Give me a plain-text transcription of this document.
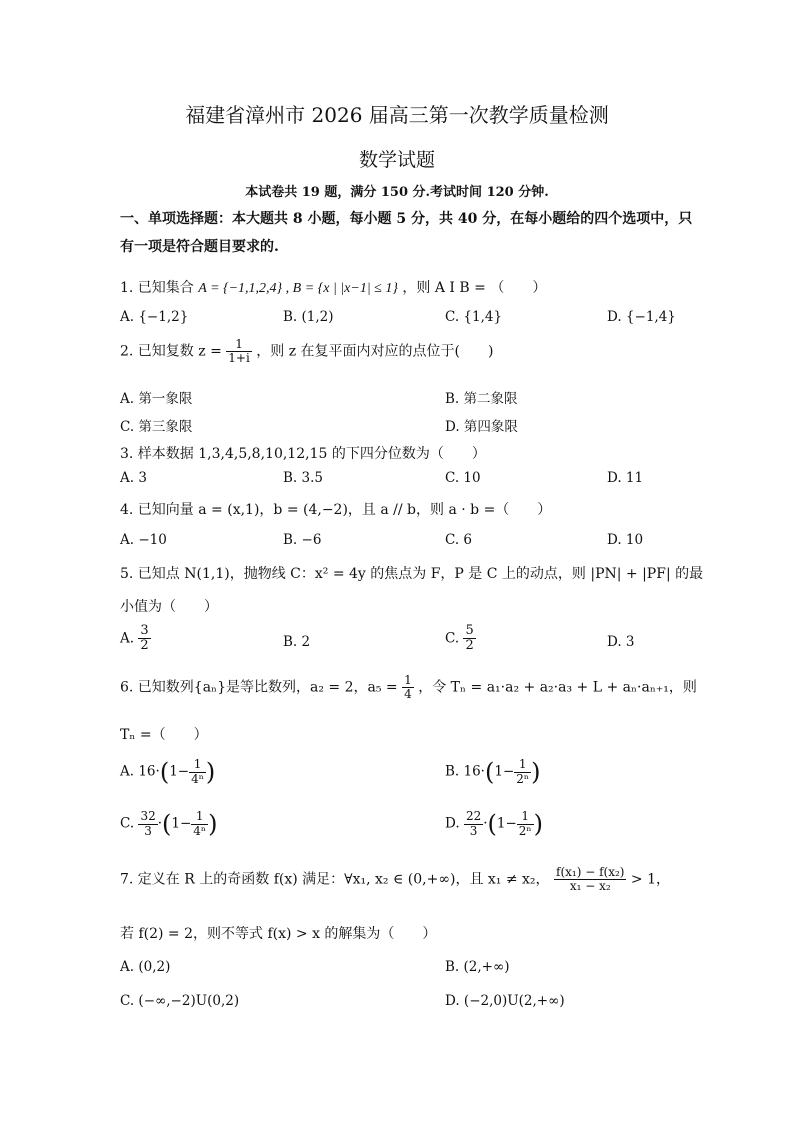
福建省漳州市 2026 届高三第一次教学质量检测
数学试题
本试卷共 19 题，满分 150 分.考试时间 120 分钟.
一、单项选择题：本大题共 8 小题，每小题 5 分，共 40 分，在每小题给的四个选项中，只
有一项是符合题目要求的.
1. 已知集合 A = {−1,1,2,4} , B = {x | |x−1| ≤ 1} ，则 A I B = （　　）
A. {−1,2}	B. (1,2)	C. {1,4}	D. {−1,4}
2. 已知复数 $z = \frac{1}{1+i}$ ，则 z 在复平面内对应的点位于(　　)
A. 第一象限	B. 第二象限
C. 第三象限	D. 第四象限
3. 样本数据 1,3,4,5,8,10,12,15 的下四分位数为（　　）
A. 3	B. 3.5	C. 10	D. 11
4. 已知向量 a = (x,1)，b = (4,−2)，且 a // b，则 a · b =（　　）
A. −10	B. −6	C. 6	D. 10
5. 已知点 N(1,1)，抛物线 C：x² = 4y 的焦点为 F，P 是 C 上的动点，则 |PN| + |PF| 的最
小值为（　　）
A. $\frac{3}{2}$	B. 2	C. $\frac{5}{2}$	D. 3
6. 已知数列{aₙ}是等比数列，a₂ = 2，$a_5 = \frac{1}{4}$ ，令 Tₙ = a₁·a₂ + a₂·a₃ + L + aₙ·aₙ₊₁，则
Tₙ =（　　）
A. $16\cdot(1- \frac{1}{\text{4ⁿ}}$ )	B. $16\cdot(1- \frac{1}{\text{2ⁿ}}$ )
C. $\frac{32}{3} \cdot(1- \frac{1}{\text{4ⁿ}}$ )	D. $\frac{22}{3} \cdot(1- \frac{1}{\text{2ⁿ}}$ )
7. 定义在 R 上的奇函数 f(x) 满足：∀x₁, x₂ ∈ (0,+∞)，且 x₁ ≠ x₂， $\frac{\text{f(x₁) − f(x₂)}}{\text{x₁ − x₂}} > 1$，
若 f(2) = 2，则不等式 f(x) > x 的解集为（　　）
A. (0,2)	B. (2,+∞)
C. (−∞,−2)U(0,2)	D. (−2,0)U(2,+∞)
